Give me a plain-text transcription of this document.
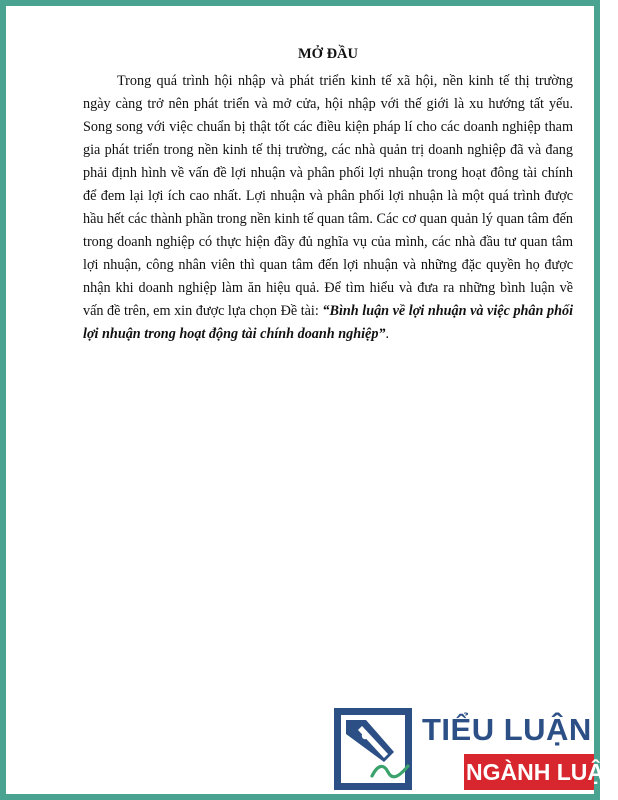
MỞ ĐẦU

Trong quá trình hội nhập và phát triển kinh tế xã hội, nền kinh tế thị trường ngày càng trở nên phát triển và mở cửa, hội nhập với thế giới là xu hướng tất yếu. Song song với việc chuẩn bị thật tốt các điều kiện pháp lí cho các doanh nghiệp tham gia phát triển trong nền kinh tế thị trường, các nhà quản trị doanh nghiệp đã và đang phải định hình về vấn đề lợi nhuận và phân phối lợi nhuận trong hoạt đông tài chính để đem lại lợi ích cao nhất. Lợi nhuận và phân phối lợi nhuận là một quá trình được hầu hết các thành phần trong nền kinh tế quan tâm. Các cơ quan quản lý quan tâm đến trong doanh nghiệp có thực hiện đầy đủ nghĩa vụ của mình, các nhà đầu tư quan tâm lợi nhuận, công nhân viên thì quan tâm đến lợi nhuận và những đặc quyền họ được nhận khi doanh nghiệp làm ăn hiệu quả. Để tìm hiểu và đưa ra những bình luận về vấn đề trên, em xin được lựa chọn Đề tài: “Bình luận về lợi nhuận và việc phân phối lợi nhuận trong hoạt động tài chính doanh nghiệp”.

TIỂU LUẬN
NGÀNH LUẬT
